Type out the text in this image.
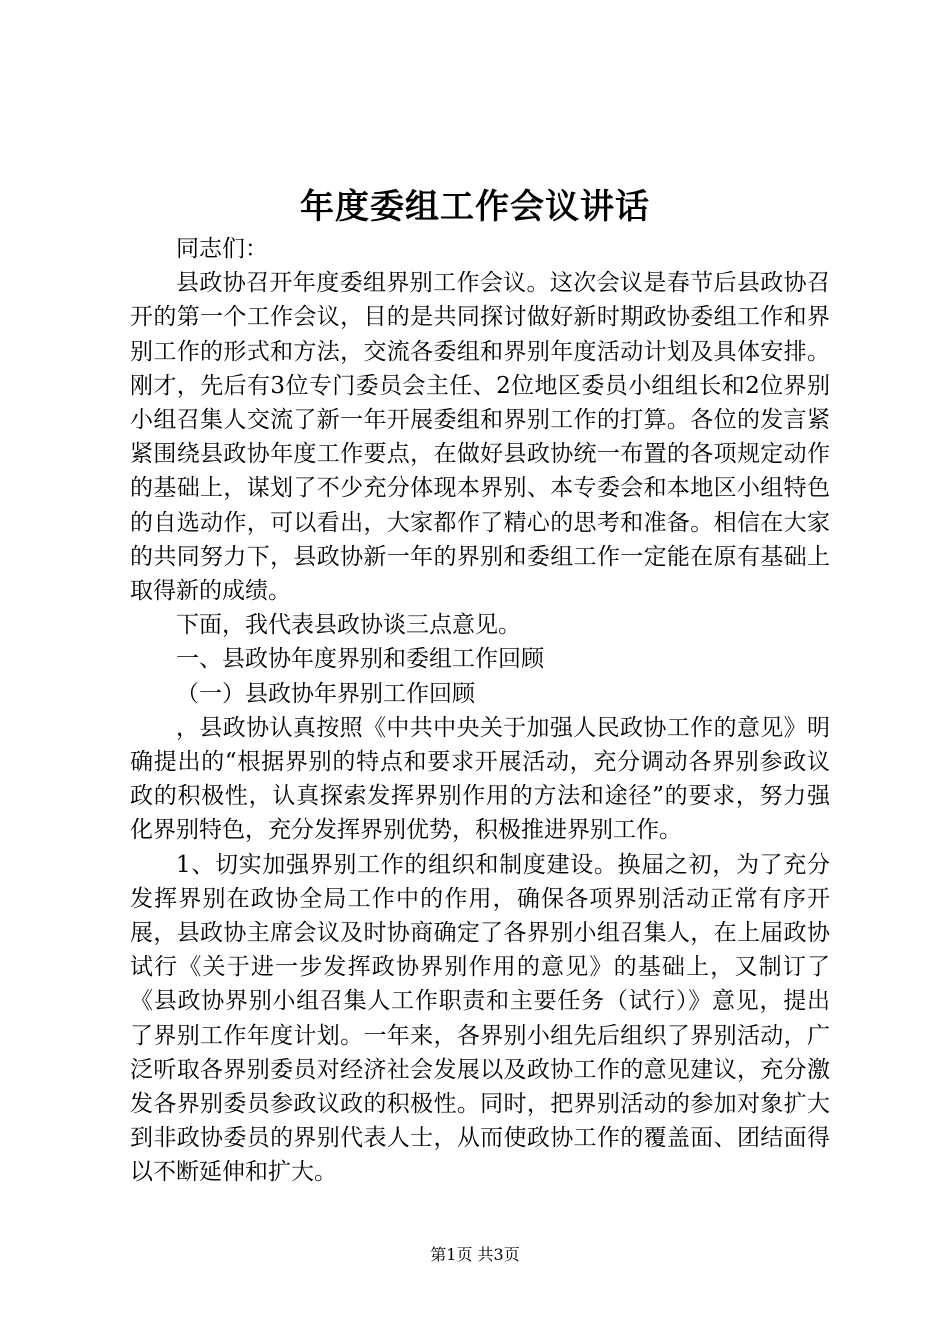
年度委组工作会议讲话

同志们：

县政协召开年度委组界别工作会议。这次会议是春节后县政协召开的第一个工作会议，目的是共同探讨做好新时期政协委组工作和界别工作的形式和方法，交流各委组和界别年度活动计划及具体安排。刚才，先后有3位专门委员会主任、2位地区委员小组组长和2位界别小组召集人交流了新一年开展委组和界别工作的打算。各位的发言紧紧围绕县政协年度工作要点，在做好县政协统一布置的各项规定动作的基础上，谋划了不少充分体现本界别、本专委会和本地区小组特色的自选动作，可以看出，大家都作了精心的思考和准备。相信在大家的共同努力下，县政协新一年的界别和委组工作一定能在原有基础上取得新的成绩。

下面，我代表县政协谈三点意见。

一、县政协年度界别和委组工作回顾

（一）县政协年界别工作回顾

，县政协认真按照《中共中央关于加强人民政协工作的意见》明确提出的“根据界别的特点和要求开展活动，充分调动各界别参政议政的积极性，认真探索发挥界别作用的方法和途径”的要求，努力强化界别特色，充分发挥界别优势，积极推进界别工作。

1、切实加强界别工作的组织和制度建设。换届之初，为了充分发挥界别在政协全局工作中的作用，确保各项界别活动正常有序开展，县政协主席会议及时协商确定了各界别小组召集人，在上届政协试行《关于进一步发挥政协界别作用的意见》的基础上，又制订了《县政协界别小组召集人工作职责和主要任务（试行）》意见，提出了界别工作年度计划。一年来，各界别小组先后组织了界别活动，广泛听取各界别委员对经济社会发展以及政协工作的意见建议，充分激发各界别委员参政议政的积极性。同时，把界别活动的参加对象扩大到非政协委员的界别代表人士，从而使政协工作的覆盖面、团结面得以不断延伸和扩大。

第1页 共3页
